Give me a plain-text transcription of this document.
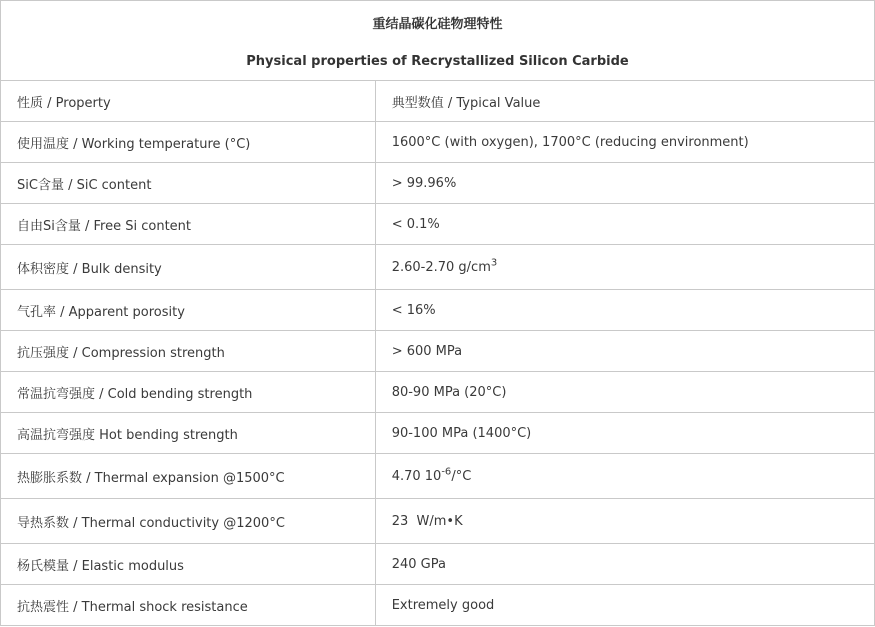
重结晶碳化硅物理特性
Physical properties of Recrystallized Silicon Carbide	

性质 / Property	典型数值 / Typical Value
使用温度 / Working temperature (°C)	1600°C (with oxygen), 1700°C (reducing environment)
SiC含量 / SiC content	> 99.96%
自由Si含量 / Free Si content	< 0.1%
体积密度 / Bulk density	2.60-2.70 $g/cm^3$
气孔率 / Apparent porosity	< 16%
抗压强度 / Compression strength	> 600 MPa
常温抗弯强度 / Cold bending strength	80-90 MPa (20°C)
高温抗弯强度 Hot bending strength	90-100 MPa (1400°C)
热膨胀系数 / Thermal expansion @1500°C	4.70 $10^{-6}/^\circ C$
导热系数 / Thermal conductivity @1200°C	23  W/m•K
杨氏模量 / Elastic modulus	240 GPa
抗热震性 / Thermal shock resistance	Extremely good
